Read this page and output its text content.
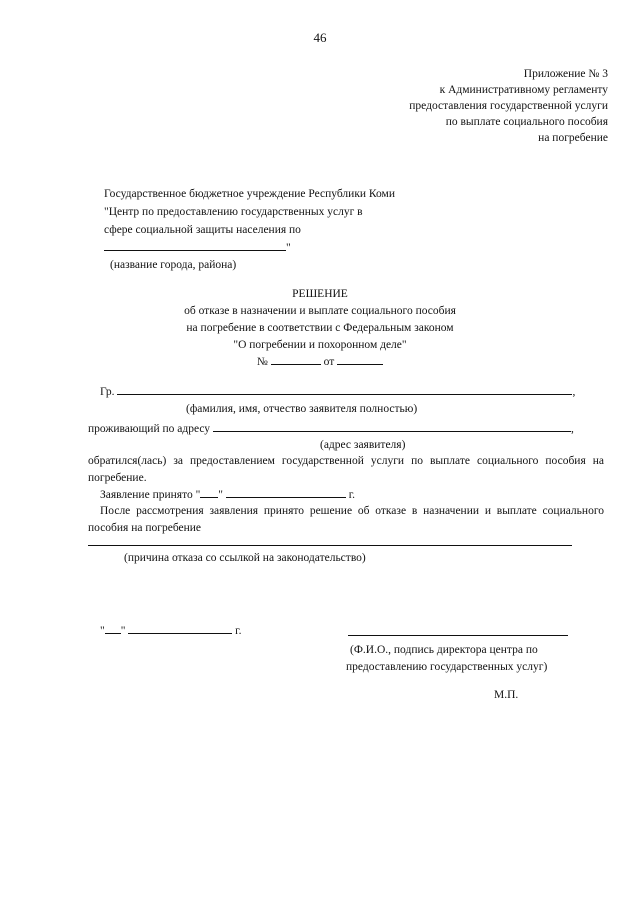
46
Приложение № 3
к Административному регламенту
предоставления государственной услуги
по выплате социального пособия
на погребение
Государственное бюджетное учреждение Республики Коми
"Центр по предоставлению государственных услуг в
сфере социальной защиты населения по
"
(название города, района)
РЕШЕНИЕ
об отказе в назначении и выплате социального пособия
на погребение в соответствии с Федеральным законом
"О погребении и похоронном деле"
№	от
Гр.	,
(фамилия, имя, отчество заявителя полностью)
проживающий по адресу	,
(адрес заявителя)
обратился(лась) за предоставлением государственной услуги по выплате социального пособия на погребение.
Заявление принято " "	г.
После рассмотрения заявления принято решение об отказе в назначении и выплате социального пособия на погребение
(причина отказа со ссылкой на законодательство)
" "	г.
(Ф.И.О., подпись директора центра по
предоставлению государственных услуг)
М.П.
